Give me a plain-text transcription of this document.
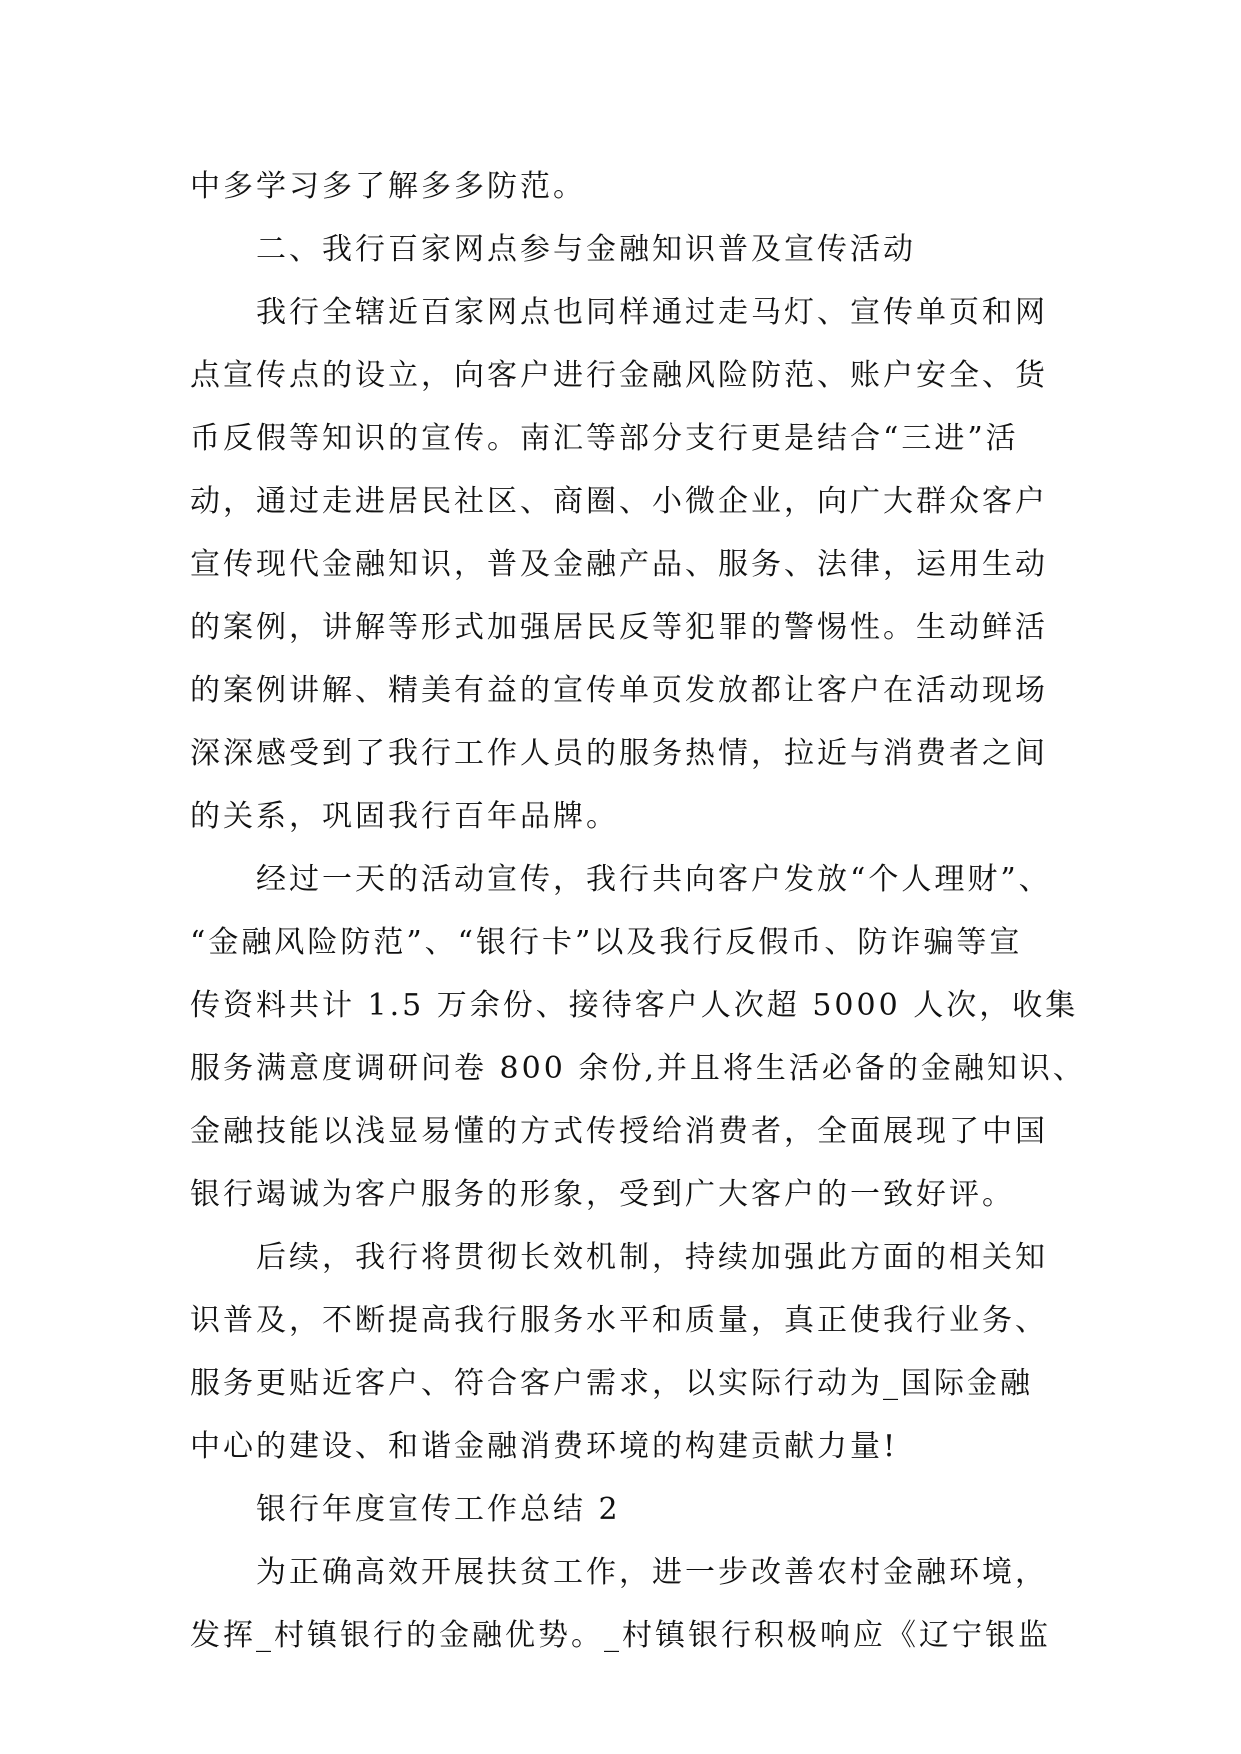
中多学习多了解多多防范。
二、我行百家网点参与金融知识普及宣传活动
我行全辖近百家网点也同样通过走马灯、宣传单页和网
点宣传点的设立，向客户进行金融风险防范、账户安全、货
币反假等知识的宣传。南汇等部分支行更是结合“三进”活
动，通过走进居民社区、商圈、小微企业，向广大群众客户
宣传现代金融知识，普及金融产品、服务、法律，运用生动
的案例，讲解等形式加强居民反等犯罪的警惕性。生动鲜活
的案例讲解、精美有益的宣传单页发放都让客户在活动现场
深深感受到了我行工作人员的服务热情，拉近与消费者之间
的关系，巩固我行百年品牌。
经过一天的活动宣传，我行共向客户发放“个人理财”、
“金融风险防范”、“银行卡”以及我行反假币、防诈骗等宣
传资料共计 1.5 万余份、接待客户人次超 5000 人次，收集
服务满意度调研问卷 800 余份,并且将生活必备的金融知识、
金融技能以浅显易懂的方式传授给消费者，全面展现了中国
银行竭诚为客户服务的形象，受到广大客户的一致好评。
后续，我行将贯彻长效机制，持续加强此方面的相关知
识普及，不断提高我行服务水平和质量，真正使我行业务、
服务更贴近客户、符合客户需求，以实际行动为_国际金融
中心的建设、和谐金融消费环境的构建贡献力量!
银行年度宣传工作总结 2
为正确高效开展扶贫工作，进一步改善农村金融环境，
发挥_村镇银行的金融优势。_村镇银行积极响应《辽宁银监
